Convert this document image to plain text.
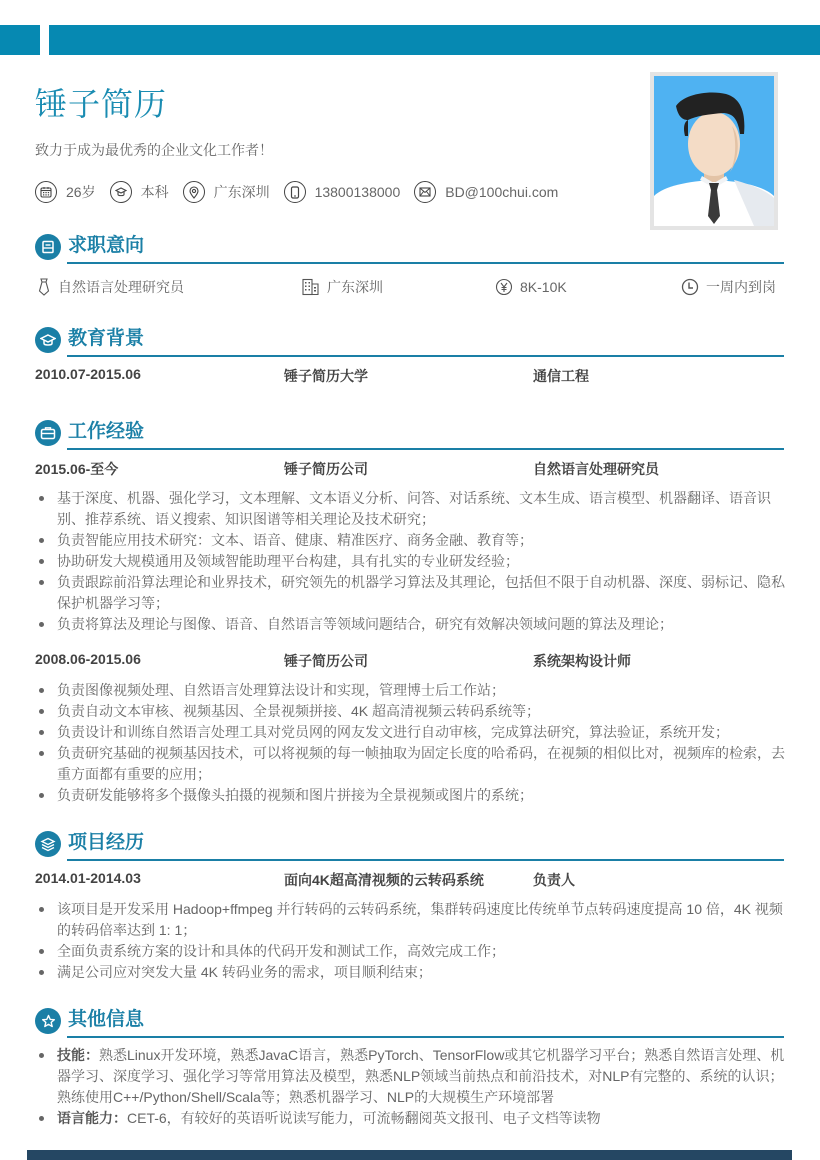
锤子简历
致力于成为最优秀的企业文化工作者！
26岁	本科	广东深圳	13800138000	BD@100chui.com
求职意向
自然语言处理研究员	广东深圳	8K-10K	一周内到岗
教育背景
2010.07-2015.06	锤子简历大学	通信工程
工作经验
2015.06-至今	锤子简历公司	自然语言处理研究员
基于深度、机器、强化学习，文本理解、文本语义分析、问答、对话系统、文本生成、语言模型、机器翻译、语音识别、推荐系统、语义搜索、知识图谱等相关理论及技术研究；
负责智能应用技术研究：文本、语音、健康、精准医疗、商务金融、教育等；
协助研发大规模通用及领域智能助理平台构建，具有扎实的专业研发经验；
负责跟踪前沿算法理论和业界技术，研究领先的机器学习算法及其理论，包括但不限于自动机器、深度、弱标记、隐私保护机器学习等；
负责将算法及理论与图像、语音、自然语言等领域问题结合，研究有效解决领域问题的算法及理论；
2008.06-2015.06	锤子简历公司	系统架构设计师
负责图像视频处理、自然语言处理算法设计和实现，管理博士后工作站；
负责自动文本审核、视频基因、全景视频拼接、4K 超高清视频云转码系统等；
负责设计和训练自然语言处理工具对党员网的网友发文进行自动审核，完成算法研究，算法验证，系统开发；
负责研究基础的视频基因技术，可以将视频的每一帧抽取为固定长度的哈希码，在视频的相似比对，视频库的检索，去重方面都有重要的应用；
负责研发能够将多个摄像头拍摄的视频和图片拼接为全景视频或图片的系统；
项目经历
2014.01-2014.03	面向4K超高清视频的云转码系统	负责人
该项目是开发采用 Hadoop+ffmpeg 并行转码的云转码系统，集群转码速度比传统单节点转码速度提高 10 倍，4K 视频的转码倍率达到 1: 1；
全面负责系统方案的设计和具体的代码开发和测试工作，高效完成工作；
满足公司应对突发大量 4K 转码业务的需求，项目顺利结束；
其他信息
技能：熟悉Linux开发环境，熟悉JavaC语言，熟悉PyTorch、TensorFlow或其它机器学习平台；熟悉自然语言处理、机器学习、深度学习、强化学习等常用算法及模型，熟悉NLP领域当前热点和前沿技术，对NLP有完整的、系统的认识；熟练使用C++/Python/Shell/Scala等；熟悉机器学习、NLP的大规模生产环境部署
语言能力：CET-6，有较好的英语听说读写能力，可流畅翻阅英文报刊、电子文档等读物
